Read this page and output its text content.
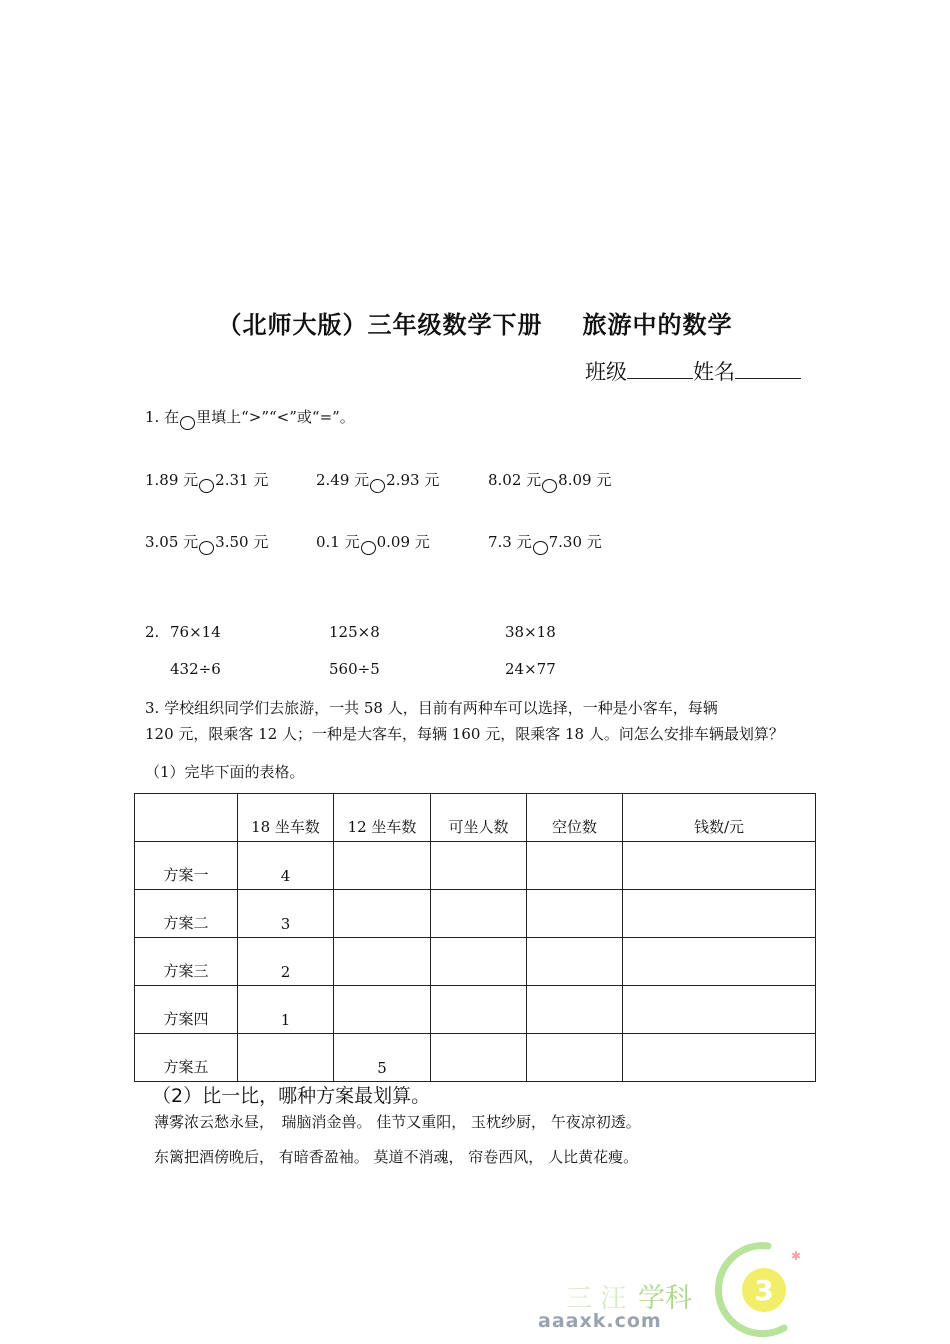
（北师大版）三年级数学下册 旅游中的数学
班级	姓名
1. 在 里填上“>”“<”或“=”。
1.89 元 2.31 元	2.49 元 2.93 元	8.02 元 8.09 元
3.05 元 3.50 元	0.1 元 0.09 元	7.3 元 7.30 元
2. 76×14	125×8	38×18
432÷6	560÷5	24×77
3. 学校组织同学们去旅游，一共 58 人，目前有两种车可以选择，一种是小客车，每辆
120 元，限乘客 12 人；一种是大客车，每辆 160 元，限乘客 18 人。问怎么安排车辆最划算？
（1）完毕下面的表格。
	18 坐车数	12 坐车数	可坐人数	空位数	钱数/元
方案一	4				
方案二	3				
方案三	2				
方案四	1				
方案五		5			
（2）比一比，哪种方案最划算。
薄雾浓云愁永昼，　瑞脑消金兽。 佳节又重阳， 玉枕纱厨， 午夜凉初透。
东篱把酒傍晚后， 有暗香盈袖。 莫道不消魂， 帘卷西风， 人比黄花瘦。
三 汪 学科
aaaxk.com
3
✱
